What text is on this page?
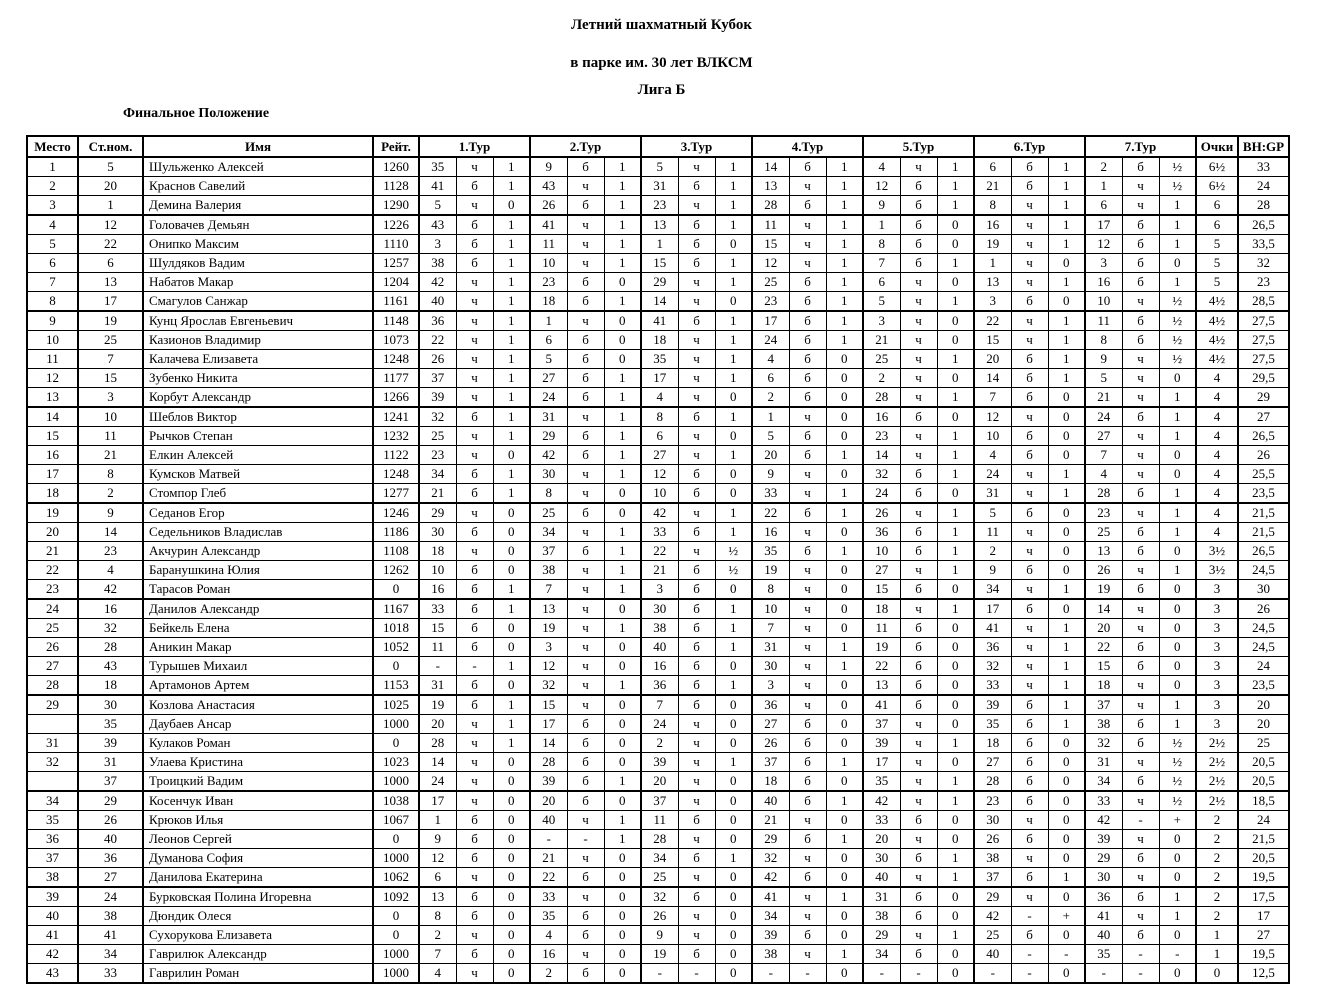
Летний шахматный Кубок
в парке им. 30 лет ВЛКСМ
Лига Б
Финальное Положение
Место	Ст.ном.	Имя	Рейт.	1.Тур			2.Тур			3.Тур			4.Тур			5.Тур			6.Тур			7.Тур			Очки	BH:GP
1	5	Шульженко Алексей	1260	35	ч	1	9	б	1	5	ч	1	14	б	1	4	ч	1	6	б	1	2	б	½	6½	33
2	20	Краснов Савелий	1128	41	б	1	43	ч	1	31	б	1	13	ч	1	12	б	1	21	б	1	1	ч	½	6½	24
3	1	Демина Валерия	1290	5	ч	0	26	б	1	23	ч	1	28	б	1	9	б	1	8	ч	1	6	ч	1	6	28
4	12	Головачев Демьян	1226	43	б	1	41	ч	1	13	б	1	11	ч	1	1	б	0	16	ч	1	17	б	1	6	26,5
5	22	Онипко Максим	1110	3	б	1	11	ч	1	1	б	0	15	ч	1	8	б	0	19	ч	1	12	б	1	5	33,5
6	6	Шулдяков Вадим	1257	38	б	1	10	ч	1	15	б	1	12	ч	1	7	б	1	1	ч	0	3	б	0	5	32
7	13	Набатов Макар	1204	42	ч	1	23	б	0	29	ч	1	25	б	1	6	ч	0	13	ч	1	16	б	1	5	23
8	17	Смагулов Санжар	1161	40	ч	1	18	б	1	14	ч	0	23	б	1	5	ч	1	3	б	0	10	ч	½	4½	28,5
9	19	Кунц Ярослав Евгеньевич	1148	36	ч	1	1	ч	0	41	б	1	17	б	1	3	ч	0	22	ч	1	11	б	½	4½	27,5
10	25	Казионов Владимир	1073	22	ч	1	6	б	0	18	ч	1	24	б	1	21	ч	0	15	ч	1	8	б	½	4½	27,5
11	7	Калачева Елизавета	1248	26	ч	1	5	б	0	35	ч	1	4	б	0	25	ч	1	20	б	1	9	ч	½	4½	27,5
12	15	Зубенко Никита	1177	37	ч	1	27	б	1	17	ч	1	6	б	0	2	ч	0	14	б	1	5	ч	0	4	29,5
13	3	Корбут Александр	1266	39	ч	1	24	б	1	4	ч	0	2	б	0	28	ч	1	7	б	0	21	ч	1	4	29
14	10	Шеблов Виктор	1241	32	б	1	31	ч	1	8	б	1	1	ч	0	16	б	0	12	ч	0	24	б	1	4	27
15	11	Рычков Степан	1232	25	ч	1	29	б	1	6	ч	0	5	б	0	23	ч	1	10	б	0	27	ч	1	4	26,5
16	21	Елкин Алексей	1122	23	ч	0	42	б	1	27	ч	1	20	б	1	14	ч	1	4	б	0	7	ч	0	4	26
17	8	Кумсков Матвей	1248	34	б	1	30	ч	1	12	б	0	9	ч	0	32	б	1	24	ч	1	4	ч	0	4	25,5
18	2	Стомпор Глеб	1277	21	б	1	8	ч	0	10	б	0	33	ч	1	24	б	0	31	ч	1	28	б	1	4	23,5
19	9	Седанов Егор	1246	29	ч	0	25	б	0	42	ч	1	22	б	1	26	ч	1	5	б	0	23	ч	1	4	21,5
20	14	Седельников Владислав	1186	30	б	0	34	ч	1	33	б	1	16	ч	0	36	б	1	11	ч	0	25	б	1	4	21,5
21	23	Акчурин Александр	1108	18	ч	0	37	б	1	22	ч	½	35	б	1	10	б	1	2	ч	0	13	б	0	3½	26,5
22	4	Баранушкина Юлия	1262	10	б	0	38	ч	1	21	б	½	19	ч	0	27	ч	1	9	б	0	26	ч	1	3½	24,5
23	42	Тарасов Роман	0	16	б	1	7	ч	1	3	б	0	8	ч	0	15	б	0	34	ч	1	19	б	0	3	30
24	16	Данилов Александр	1167	33	б	1	13	ч	0	30	б	1	10	ч	0	18	ч	1	17	б	0	14	ч	0	3	26
25	32	Бейкель Елена	1018	15	б	0	19	ч	1	38	б	1	7	ч	0	11	б	0	41	ч	1	20	ч	0	3	24,5
26	28	Аникин Макар	1052	11	б	0	3	ч	0	40	б	1	31	ч	1	19	б	0	36	ч	1	22	б	0	3	24,5
27	43	Турышев Михаил	0	-	-	1	12	ч	0	16	б	0	30	ч	1	22	б	0	32	ч	1	15	б	0	3	24
28	18	Артамонов Артем	1153	31	б	0	32	ч	1	36	б	1	3	ч	0	13	б	0	33	ч	1	18	ч	0	3	23,5
29	30	Козлова Анастасия	1025	19	б	1	15	ч	0	7	б	0	36	ч	0	41	б	0	39	б	1	37	ч	1	3	20
	35	Даубаев Ансар	1000	20	ч	1	17	б	0	24	ч	0	27	б	0	37	ч	0	35	б	1	38	б	1	3	20
31	39	Кулаков Роман	0	28	ч	1	14	б	0	2	ч	0	26	б	0	39	ч	1	18	б	0	32	б	½	2½	25
32	31	Улаева Кристина	1023	14	ч	0	28	б	0	39	ч	1	37	б	1	17	ч	0	27	б	0	31	ч	½	2½	20,5
	37	Троицкий Вадим	1000	24	ч	0	39	б	1	20	ч	0	18	б	0	35	ч	1	28	б	0	34	б	½	2½	20,5
34	29	Косенчук Иван	1038	17	ч	0	20	б	0	37	ч	0	40	б	1	42	ч	1	23	б	0	33	ч	½	2½	18,5
35	26	Крюков Илья	1067	1	б	0	40	ч	1	11	б	0	21	ч	0	33	б	0	30	ч	0	42	-	+	2	24
36	40	Леонов Сергей	0	9	б	0	-	-	1	28	ч	0	29	б	1	20	ч	0	26	б	0	39	ч	0	2	21,5
37	36	Думанова София	1000	12	б	0	21	ч	0	34	б	1	32	ч	0	30	б	1	38	ч	0	29	б	0	2	20,5
38	27	Данилова Екатерина	1062	6	ч	0	22	б	0	25	ч	0	42	б	0	40	ч	1	37	б	1	30	ч	0	2	19,5
39	24	Бурковская Полина Игоревна	1092	13	б	0	33	ч	0	32	б	0	41	ч	1	31	б	0	29	ч	0	36	б	1	2	17,5
40	38	Дюндик Олеся	0	8	б	0	35	б	0	26	ч	0	34	ч	0	38	б	0	42	-	+	41	ч	1	2	17
41	41	Сухорукова Елизавета	0	2	ч	0	4	б	0	9	ч	0	39	б	0	29	ч	1	25	б	0	40	б	0	1	27
42	34	Гаврилюк Александр	1000	7	б	0	16	ч	0	19	б	0	38	ч	1	34	б	0	40	-	-	35	-	-	1	19,5
43	33	Гаврилин Роман	1000	4	ч	0	2	б	0	-	-	0	-	-	0	-	-	0	-	-	0	-	-	0	0	12,5
